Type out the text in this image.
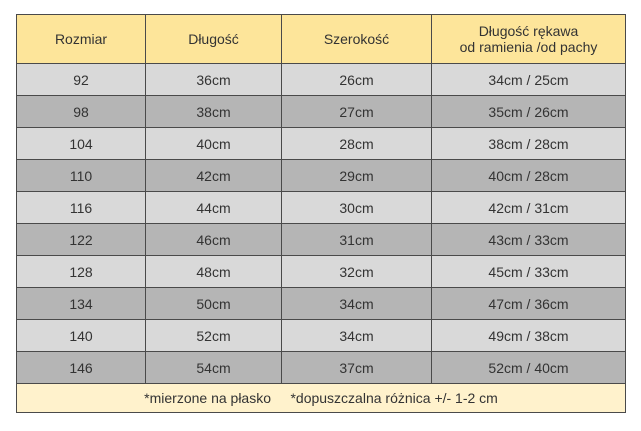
Rozmiar	Długość	Szerokość	Długość rękawa
od ramienia /od pachy

92	36cm	26cm	34cm / 25cm
98	38cm	27cm	35cm / 26cm
104	40cm	28cm	38cm / 28cm
110	42cm	29cm	40cm / 28cm
116	44cm	30cm	42cm / 31cm
122	46cm	31cm	43cm / 33cm
128	48cm	32cm	45cm / 33cm
134	50cm	34cm	47cm / 36cm
140	52cm	34cm	49cm / 38cm
146	54cm	37cm	52cm / 40cm
*mierzone na płasko *dopuszczalna różnica +/- 1-2 cm			
